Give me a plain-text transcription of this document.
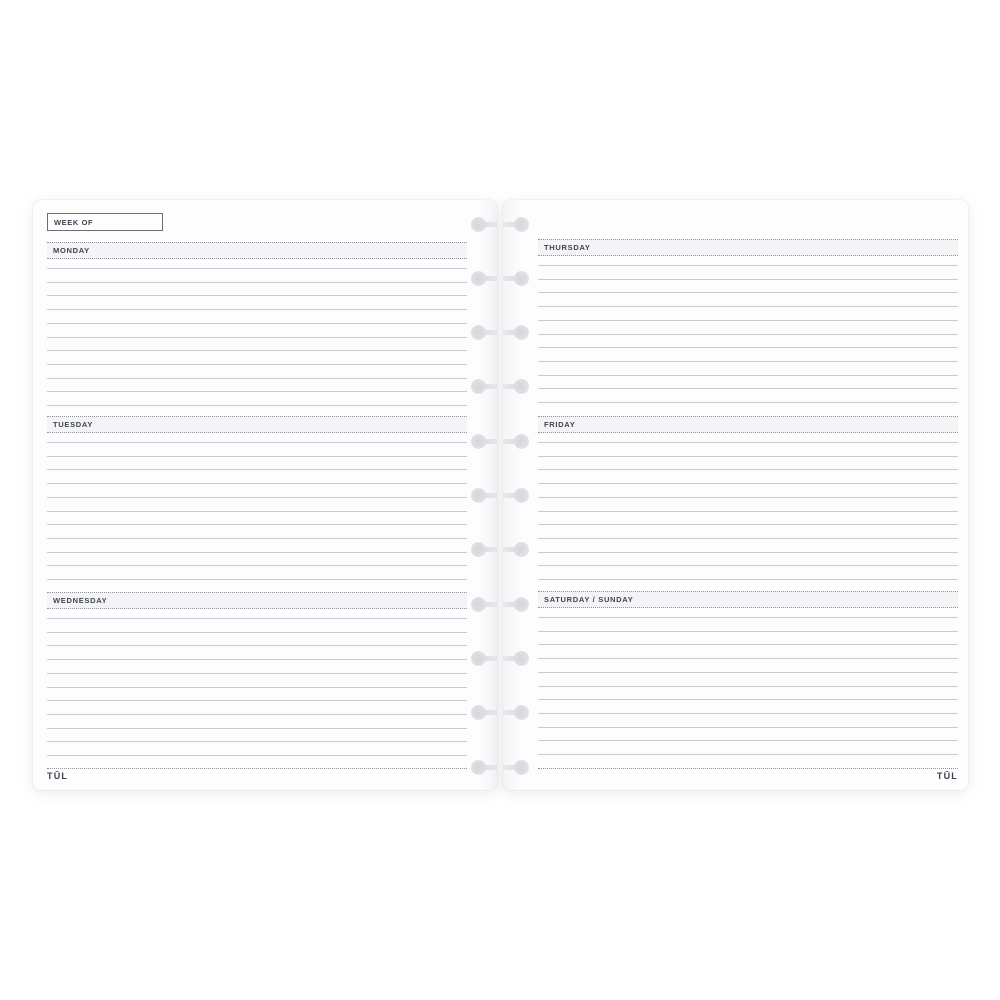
WEEK OF
MONDAY
TUESDAY
WEDNESDAY
TŪL
THURSDAY
FRIDAY
SATURDAY / SUNDAY
TŪL
